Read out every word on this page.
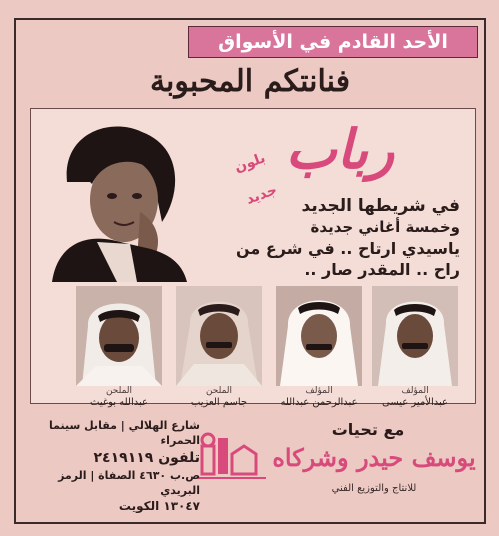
الأحد القادم في الأسواق
فنانتكم المحبوبة
رباب
بلون جديد	في شريطها الجديد
وخمسة أغاني جديدة
ياسيدي ارتاح .. في شرع من
راح .. المقدر صار ..
الملحن
عبدالله بوغيث
الملحن
جاسم العزيب
المؤلف
عبدالرحمن عبدالله
المؤلف
عبدالأمير عيسى
مع تحيات
يوسف حيدر وشركاه
للانتاج والتوزيع الفني
شارع الهلالي | مقابل سينما الحمراء
تلفون ٢٤١٩١١٩
ص.ب ٤٦٣٠ الصفاة | الرمز البريدي
١٣٠٤٧ الكويت
